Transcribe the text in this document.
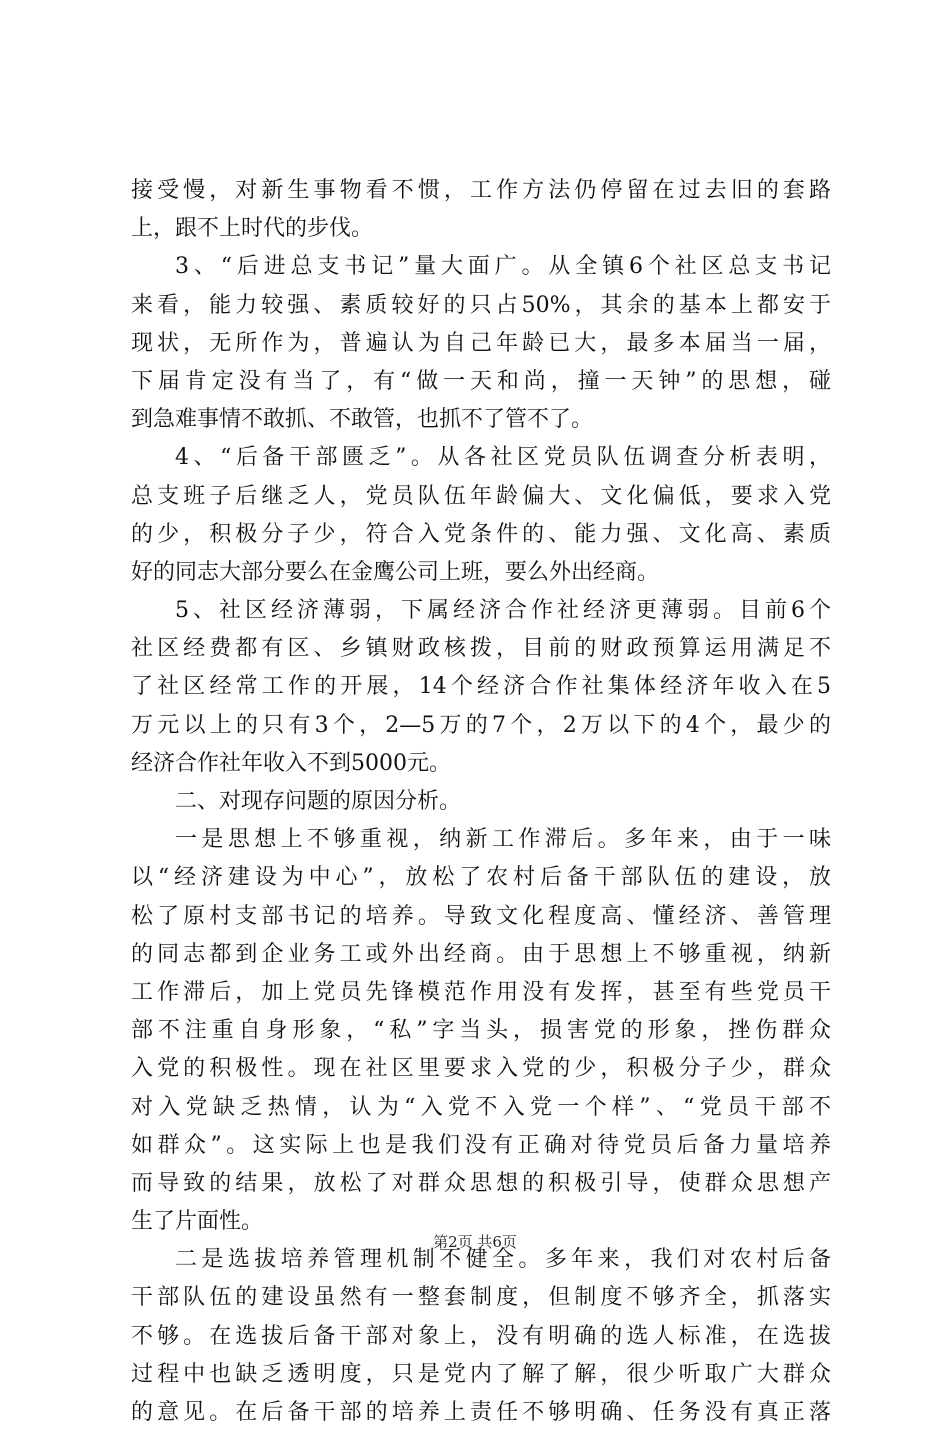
接受慢，对新生事物看不惯，工作方法仍停留在过去旧的套路
上，跟不上时代的步伐。
3、“后进总支书记”量大面广。从全镇6个社区总支书记
来看，能力较强、素质较好的只占50%，其余的基本上都安于
现状，无所作为，普遍认为自己年龄已大，最多本届当一届，
下届肯定没有当了，有“做一天和尚，撞一天钟”的思想，碰
到急难事情不敢抓、不敢管，也抓不了管不了。
4、“后备干部匮乏”。从各社区党员队伍调查分析表明，
总支班子后继乏人，党员队伍年龄偏大、文化偏低，要求入党
的少，积极分子少，符合入党条件的、能力强、文化高、素质
好的同志大部分要么在金鹰公司上班，要么外出经商。
5、社区经济薄弱，下属经济合作社经济更薄弱。目前6个
社区经费都有区、乡镇财政核拨，目前的财政预算运用满足不
了社区经常工作的开展，14个经济合作社集体经济年收入在5
万元以上的只有3个，2—5万的7个，2万以下的4个，最少的
经济合作社年收入不到5000元。
二、对现存问题的原因分析。
一是思想上不够重视，纳新工作滞后。多年来，由于一味
以“经济建设为中心”，放松了农村后备干部队伍的建设，放
松了原村支部书记的培养。导致文化程度高、懂经济、善管理
的同志都到企业务工或外出经商。由于思想上不够重视，纳新
工作滞后，加上党员先锋模范作用没有发挥，甚至有些党员干
部不注重自身形象，“私”字当头，损害党的形象，挫伤群众
入党的积极性。现在社区里要求入党的少，积极分子少，群众
对入党缺乏热情，认为“入党不入党一个样”、“党员干部不
如群众”。这实际上也是我们没有正确对待党员后备力量培养
而导致的结果，放松了对群众思想的积极引导，使群众思想产
生了片面性。
二是选拔培养管理机制不健全。多年来，我们对农村后备
干部队伍的建设虽然有一整套制度，但制度不够齐全，抓落实
不够。在选拔后备干部对象上，没有明确的选人标准，在选拔
过程中也缺乏透明度，只是党内了解了解，很少听取广大群众
的意见。在后备干部的培养上责任不够明确、任务没有真正落
第2页 共6页
